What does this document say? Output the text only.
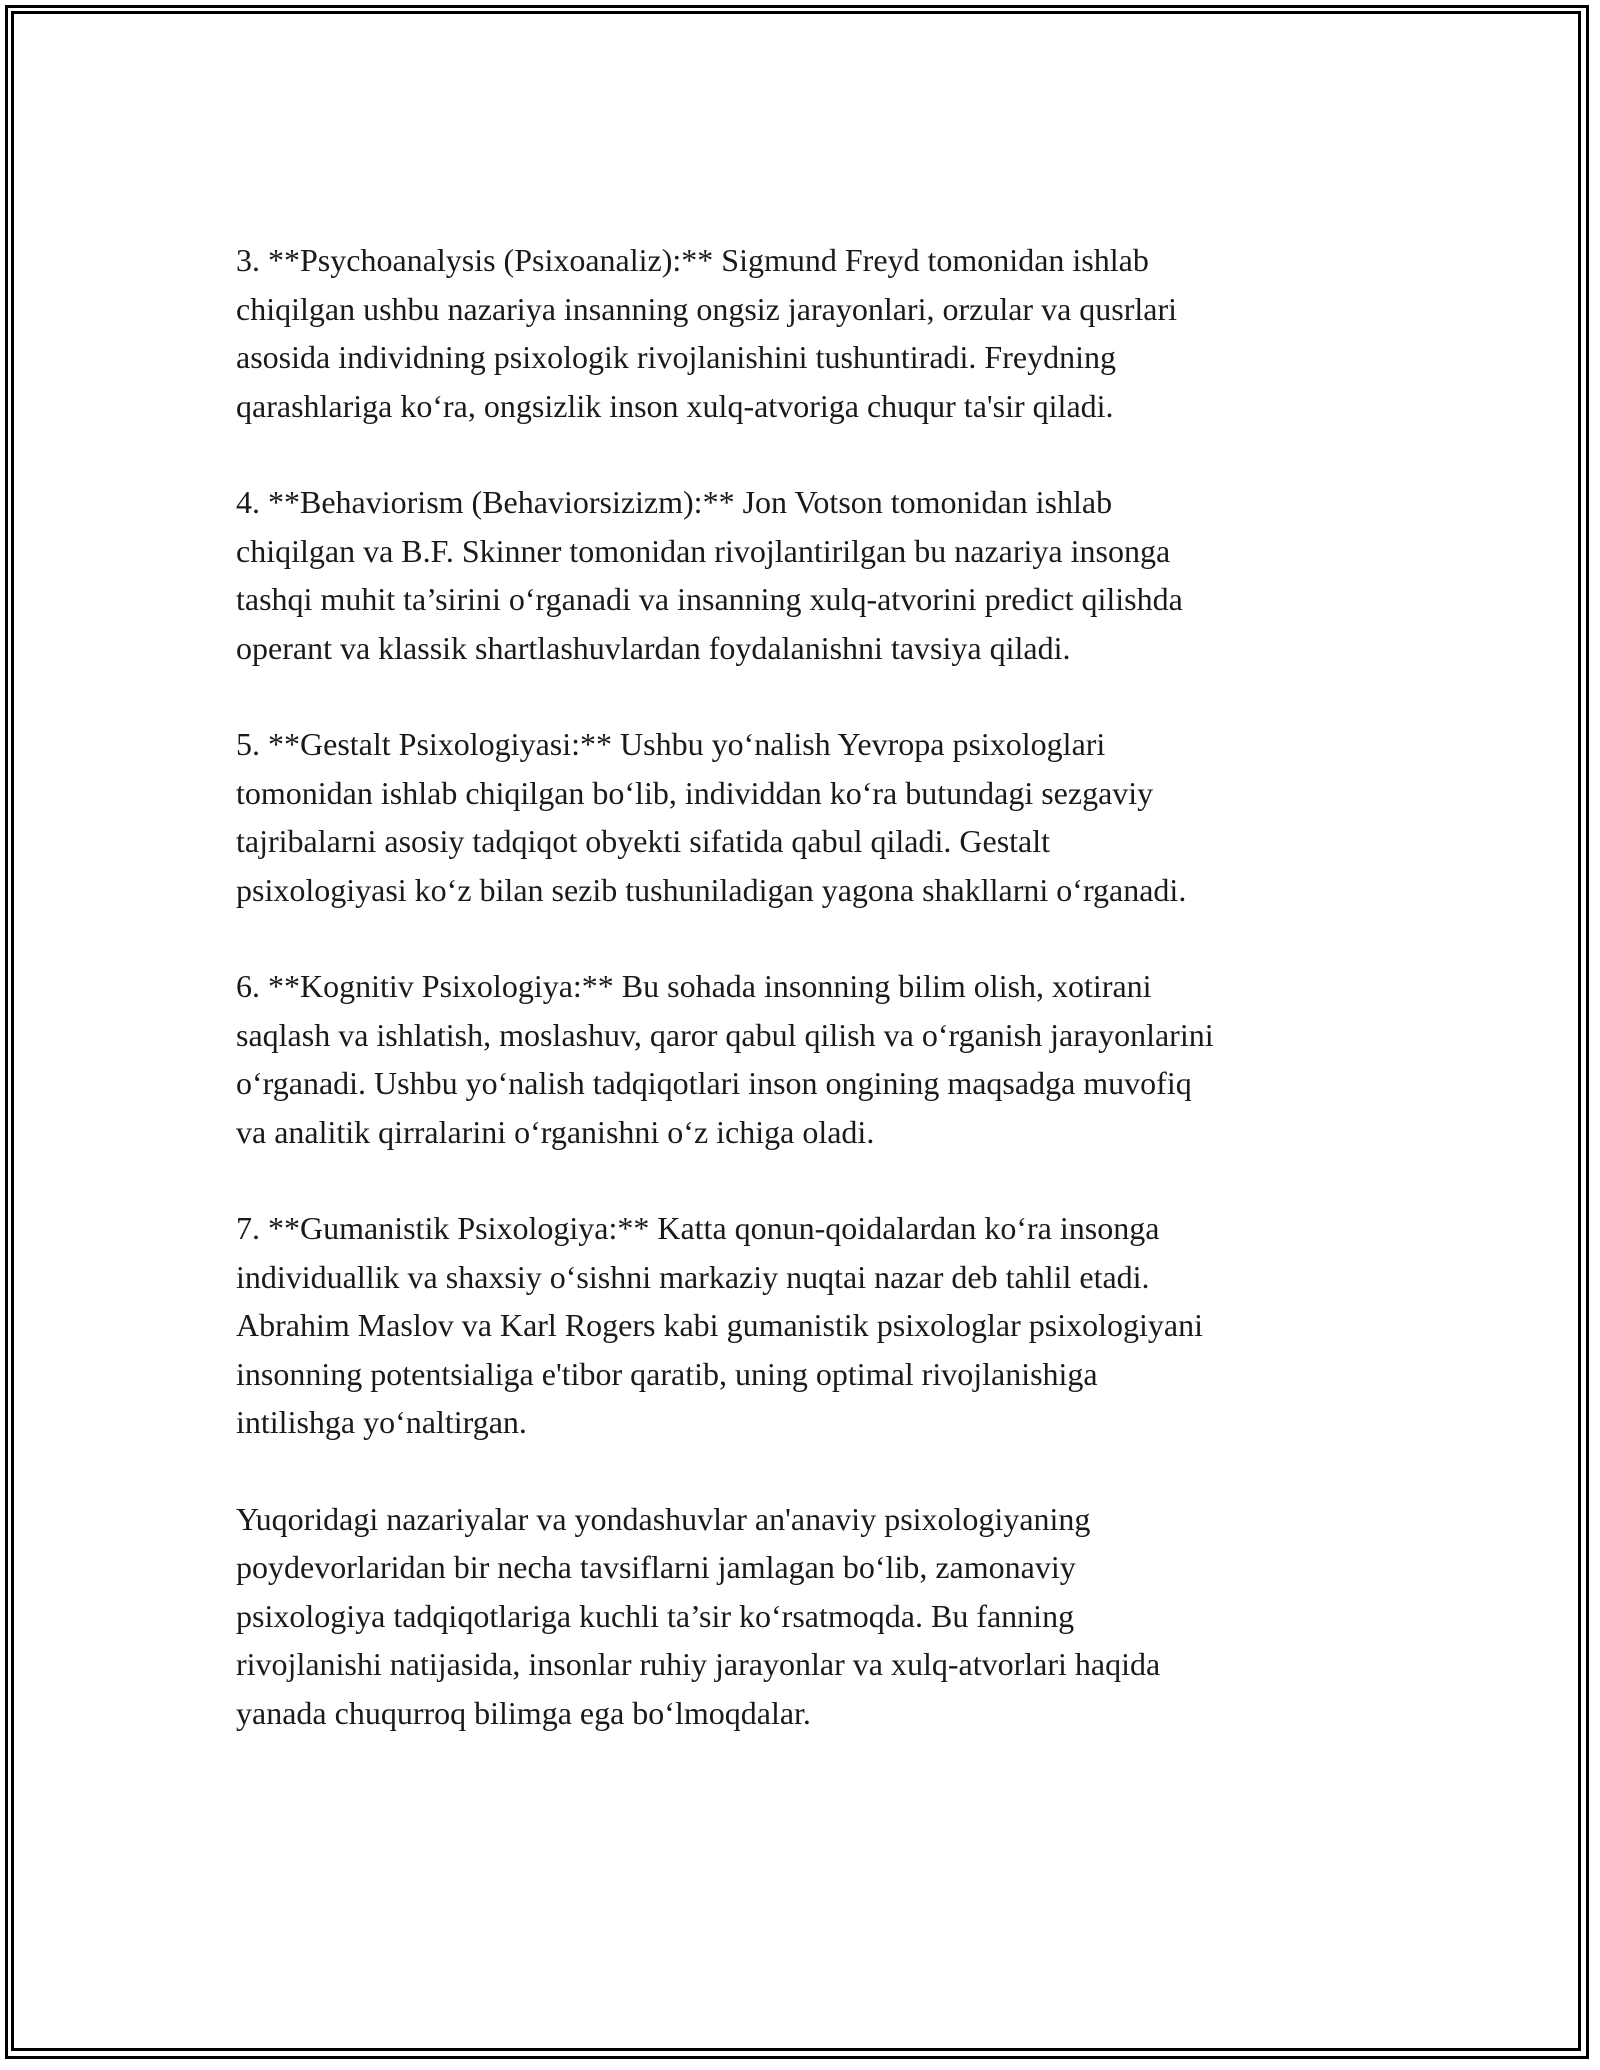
3. **Psychoanalysis (Psixoanaliz):** Sigmund Freyd tomonidan ishlab
chiqilgan ushbu nazariya insanning ongsiz jarayonlari, orzular va qusrlari
asosida individning psixologik rivojlanishini tushuntiradi. Freydning
qarashlariga ko‘ra, ongsizlik inson xulq-atvoriga chuqur ta'sir qiladi.

4. **Behaviorism (Behaviorsizizm):** Jon Votson tomonidan ishlab
chiqilgan va B.F. Skinner tomonidan rivojlantirilgan bu nazariya insonga
tashqi muhit ta’sirini o‘rganadi va insanning xulq-atvorini predict qilishda
operant va klassik shartlashuvlardan foydalanishni tavsiya qiladi.

5. **Gestalt Psixologiyasi:** Ushbu yo‘nalish Yevropa psixologlari
tomonidan ishlab chiqilgan bo‘lib, individdan ko‘ra butundagi sezgaviy
tajribalarni asosiy tadqiqot obyekti sifatida qabul qiladi. Gestalt
psixologiyasi ko‘z bilan sezib tushuniladigan yagona shakllarni o‘rganadi.

6. **Kognitiv Psixologiya:** Bu sohada insonning bilim olish, xotirani
saqlash va ishlatish, moslashuv, qaror qabul qilish va o‘rganish jarayonlarini
o‘rganadi. Ushbu yo‘nalish tadqiqotlari inson ongining maqsadga muvofiq
va analitik qirralarini o‘rganishni o‘z ichiga oladi.

7. **Gumanistik Psixologiya:** Katta qonun-qoidalardan ko‘ra insonga
individuallik va shaxsiy o‘sishni markaziy nuqtai nazar deb tahlil etadi.
Abrahim Maslov va Karl Rogers kabi gumanistik psixologlar psixologiyani
insonning potentsialiga e'tibor qaratib, uning optimal rivojlanishiga
intilishga yo‘naltirgan.

Yuqoridagi nazariyalar va yondashuvlar an'anaviy psixologiyaning
poydevorlaridan bir necha tavsiflarni jamlagan bo‘lib, zamonaviy
psixologiya tadqiqotlariga kuchli ta’sir ko‘rsatmoqda. Bu fanning
rivojlanishi natijasida, insonlar ruhiy jarayonlar va xulq-atvorlari haqida
yanada chuqurroq bilimga ega bo‘lmoqdalar.
